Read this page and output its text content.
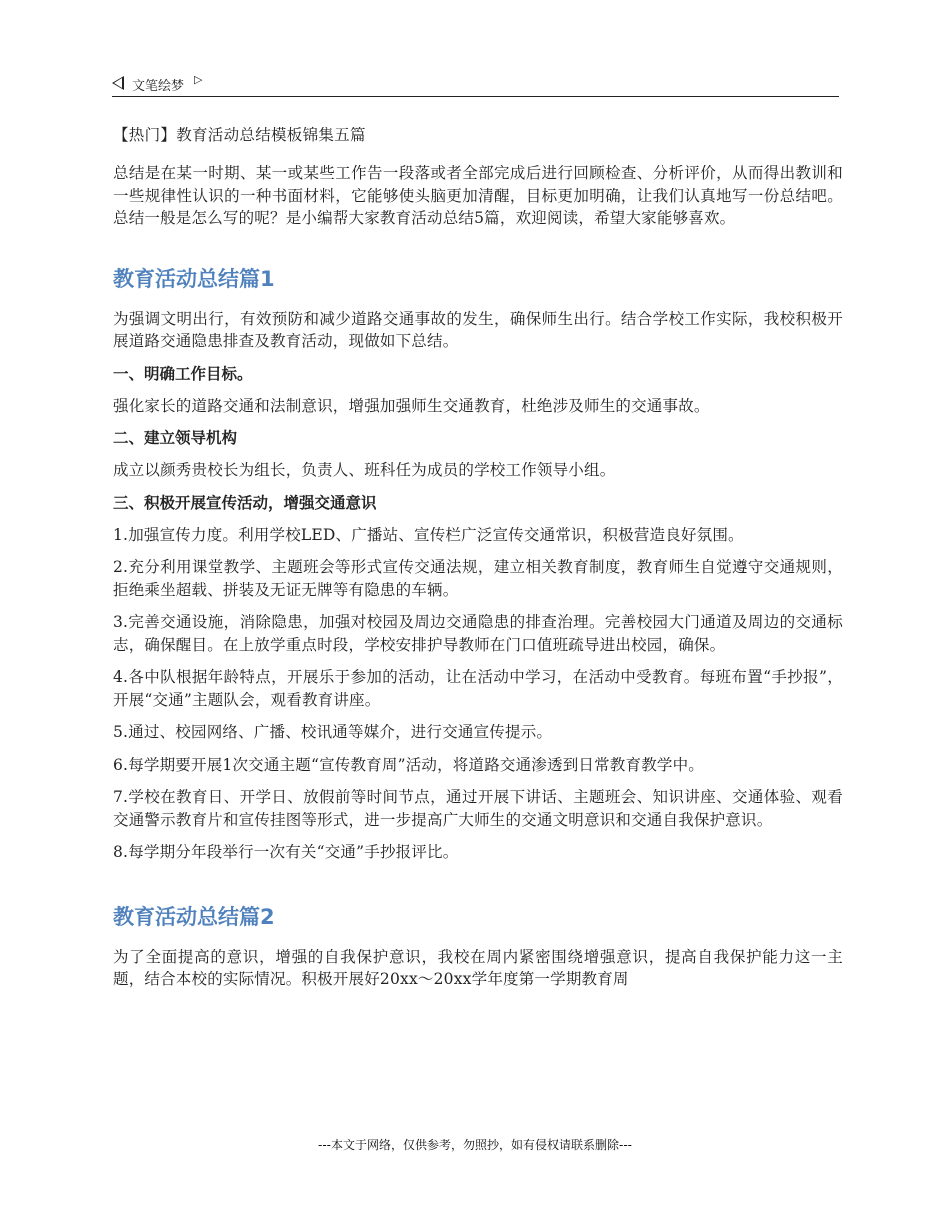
文笔绘梦 ▷
【热门】教育活动总结模板锦集五篇

总结是在某一时期、某一或某些工作告一段落或者全部完成后进行回顾检查、分析评价，从而得出教训和一些规律性认识的一种书面材料，它能够使头脑更加清醒，目标更加明确，让我们认真地写一份总结吧。总结一般是怎么写的呢？是小编帮大家教育活动总结5篇，欢迎阅读，希望大家能够喜欢。

教育活动总结篇1

为强调文明出行，有效预防和减少道路交通事故的发生，确保师生出行。结合学校工作实际，我校积极开展道路交通隐患排查及教育活动，现做如下总结。

一、明确工作目标。

强化家长的道路交通和法制意识，增强加强师生交通教育，杜绝涉及师生的交通事故。

二、建立领导机构

成立以颜秀贵校长为组长，负责人、班科任为成员的学校工作领导小组。

三、积极开展宣传活动，增强交通意识

1.加强宣传力度。利用学校LED、广播站、宣传栏广泛宣传交通常识，积极营造良好氛围。

2.充分利用课堂教学、主题班会等形式宣传交通法规，建立相关教育制度，教育师生自觉遵守交通规则，拒绝乘坐超载、拼装及无证无牌等有隐患的车辆。

3.完善交通设施，消除隐患，加强对校园及周边交通隐患的排查治理。完善校园大门通道及周边的交通标志，确保醒目。在上放学重点时段，学校安排护导教师在门口值班疏导进出校园，确保。

4.各中队根据年龄特点，开展乐于参加的活动，让在活动中学习，在活动中受教育。每班布置“手抄报”，开展“交通”主题队会，观看教育讲座。

5.通过、校园网络、广播、校讯通等媒介，进行交通宣传提示。

6.每学期要开展1次交通主题“宣传教育周”活动，将道路交通渗透到日常教育教学中。

7.学校在教育日、开学日、放假前等时间节点，通过开展下讲话、主题班会、知识讲座、交通体验、观看交通警示教育片和宣传挂图等形式，进一步提高广大师生的交通文明意识和交通自我保护意识。

8.每学期分年段举行一次有关“交通”手抄报评比。

教育活动总结篇2

为了全面提高的意识，增强的自我保护意识，我校在周内紧密围绕增强意识，提高自我保护能力这一主题，结合本校的实际情况。积极开展好20xx～20xx学年度第一学期教育周

---本文于网络，仅供参考，勿照抄，如有侵权请联系删除---
